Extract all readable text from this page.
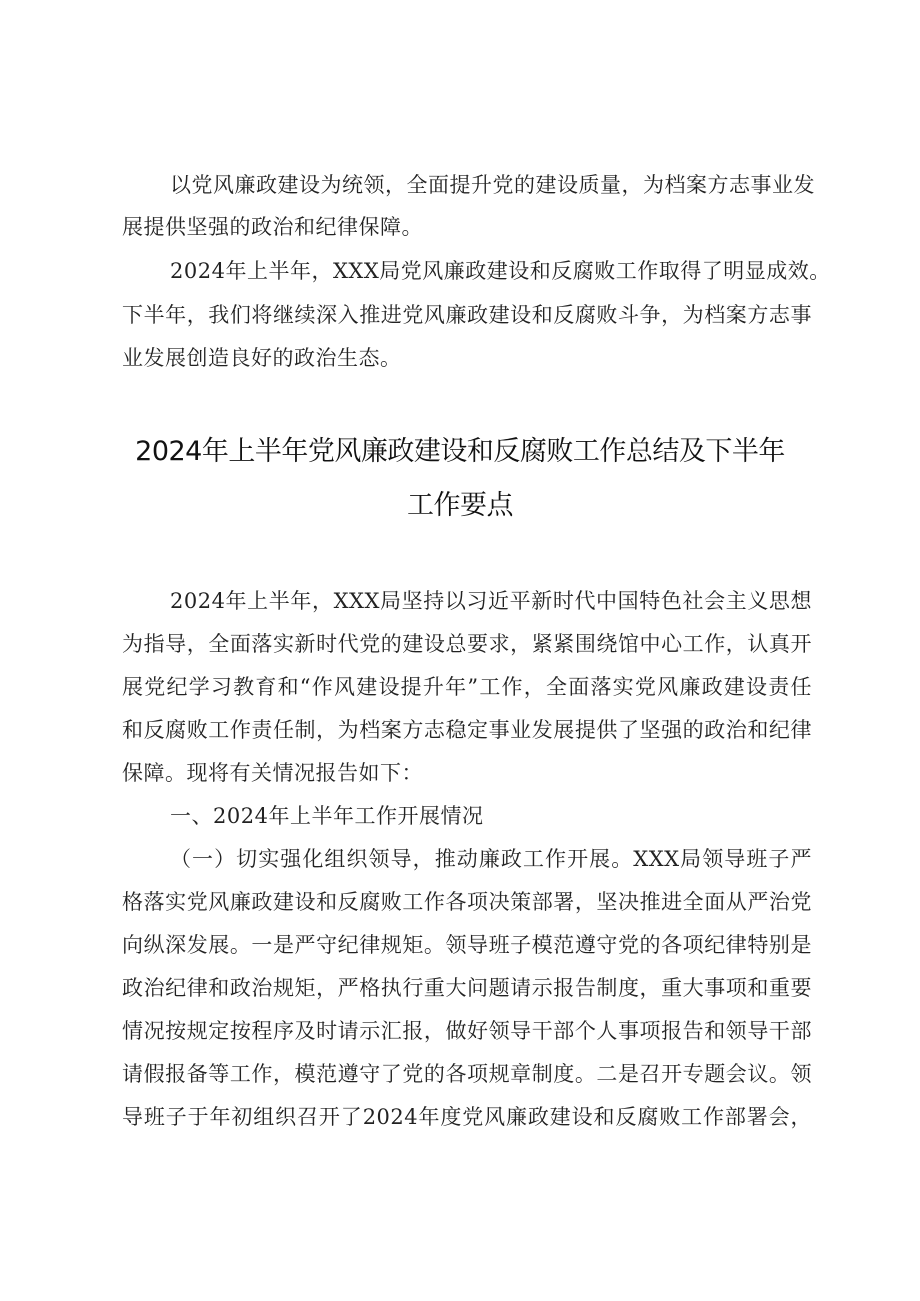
以党风廉政建设为统领，全面提升党的建设质量，为档案方志事业发
展提供坚强的政治和纪律保障。
2024年上半年，XXX局党风廉政建设和反腐败工作取得了明显成效。
下半年，我们将继续深入推进党风廉政建设和反腐败斗争，为档案方志事
业发展创造良好的政治生态。
2024年上半年党风廉政建设和反腐败工作总结及下半年
工作要点
2024年上半年，XXX局坚持以习近平新时代中国特色社会主义思想
为指导，全面落实新时代党的建设总要求，紧紧围绕馆中心工作，认真开
展党纪学习教育和“作风建设提升年”工作，全面落实党风廉政建设责任
和反腐败工作责任制，为档案方志稳定事业发展提供了坚强的政治和纪律
保障。现将有关情况报告如下：
一、2024年上半年工作开展情况
（一）切实强化组织领导，推动廉政工作开展。XXX局领导班子严
格落实党风廉政建设和反腐败工作各项决策部署，坚决推进全面从严治党
向纵深发展。一是严守纪律规矩。领导班子模范遵守党的各项纪律特别是
政治纪律和政治规矩，严格执行重大问题请示报告制度，重大事项和重要
情况按规定按程序及时请示汇报，做好领导干部个人事项报告和领导干部
请假报备等工作，模范遵守了党的各项规章制度。二是召开专题会议。领
导班子于年初组织召开了2024年度党风廉政建设和反腐败工作部署会，
